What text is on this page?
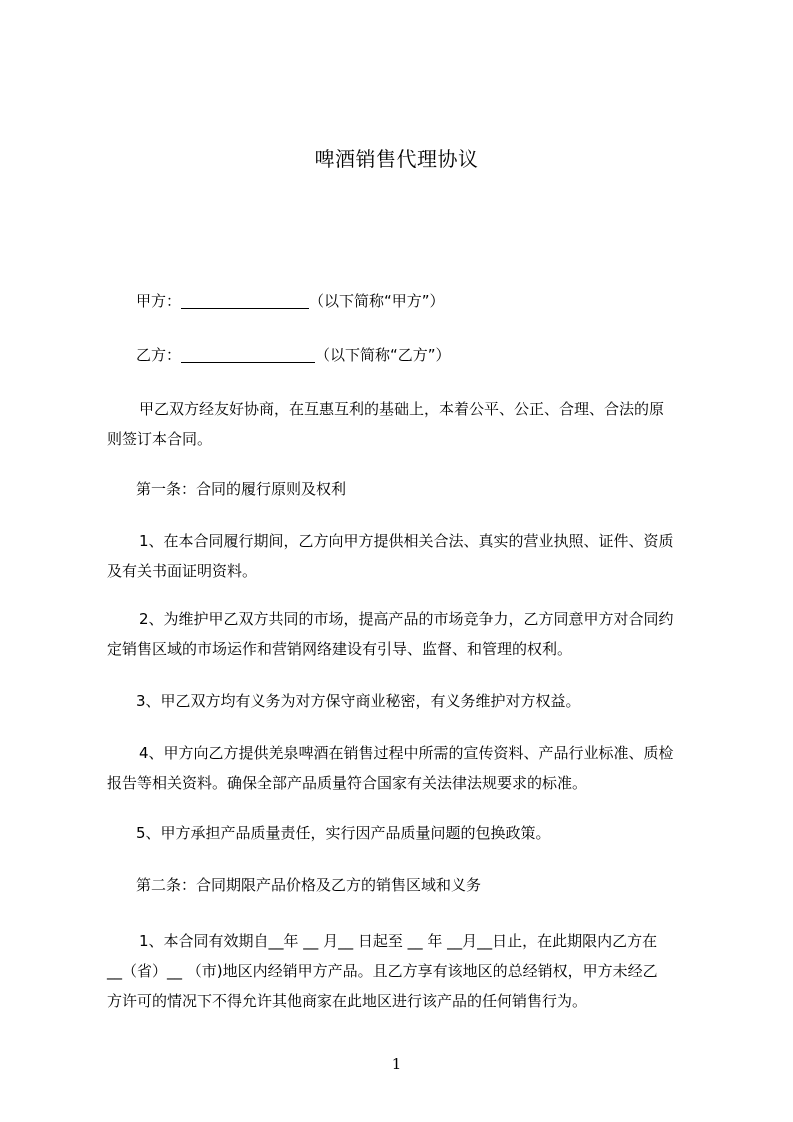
啤酒销售代理协议
甲方：	（以下简称“甲方”）
乙方：	（以下简称“乙方”）
甲乙双方经友好协商，在互惠互利的基础上，本着公平、公正、合理、合法的原
则签订本合同。
第一条：合同的履行原则及权利
1、在本合同履行期间，乙方向甲方提供相关合法、真实的营业执照、证件、资质
及有关书面证明资料。
2、为维护甲乙双方共同的市场，提高产品的市场竞争力，乙方同意甲方对合同约
定销售区域的市场运作和营销网络建设有引导、监督、和管理的权利。
3、甲乙双方均有义务为对方保守商业秘密，有义务维护对方权益。
4、甲方向乙方提供羌泉啤酒在销售过程中所需的宣传资料、产品行业标准、质检
报告等相关资料。确保全部产品质量符合国家有关法律法规要求的标准。
5、甲方承担产品质量责任，实行因产品质量问题的包换政策。
第二条：合同期限产品价格及乙方的销售区域和义务
1、本合同有效期自__年 __ 月__ 日起至 __ 年 __月__日止，在此期限内乙方在
__（省）__ （市)地区内经销甲方产品。且乙方享有该地区的总经销权，甲方未经乙
方许可的情况下不得允许其他商家在此地区进行该产品的任何销售行为。
1
